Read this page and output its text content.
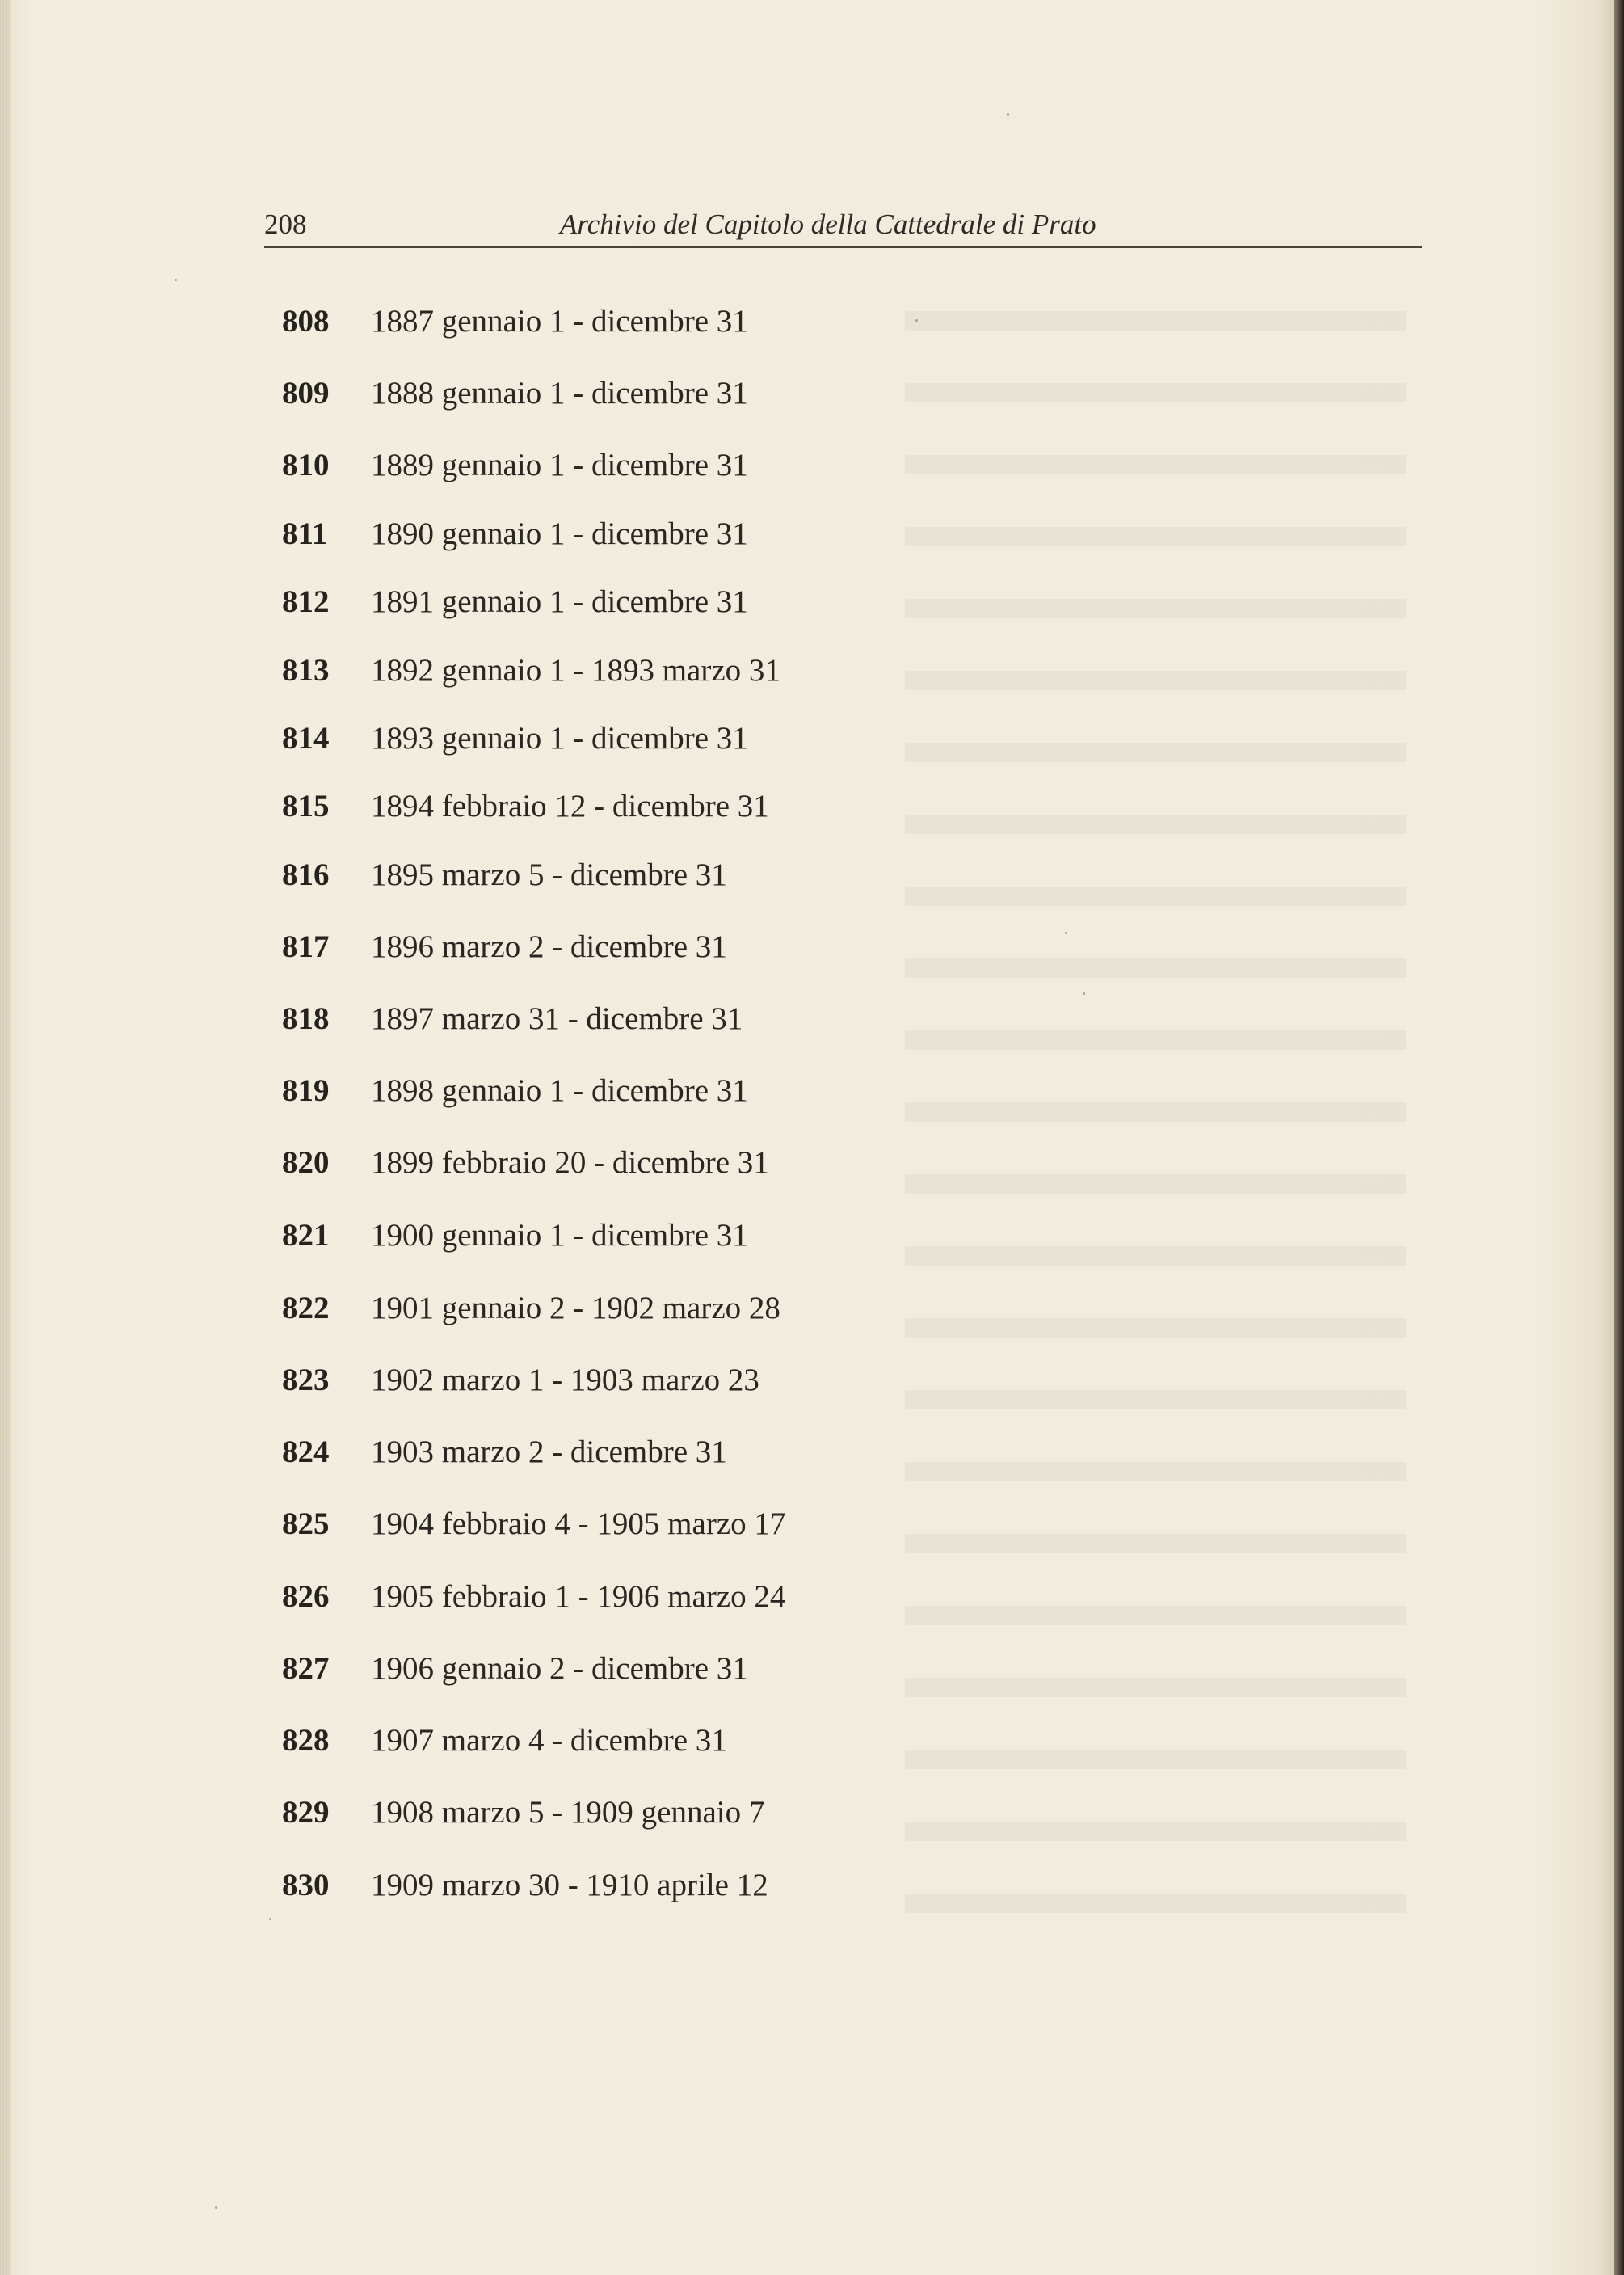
208	Archivio del Capitolo della Cattedrale di Prato
808	1887 gennaio 1 - dicembre 31
809	1888 gennaio 1 - dicembre 31
810	1889 gennaio 1 - dicembre 31
811	1890 gennaio 1 - dicembre 31
812	1891 gennaio 1 - dicembre 31
813	1892 gennaio 1 - 1893 marzo 31
814	1893 gennaio 1 - dicembre 31
815	1894 febbraio 12 - dicembre 31
816	1895 marzo 5 - dicembre 31
817	1896 marzo 2 - dicembre 31
818	1897 marzo 31 - dicembre 31
819	1898 gennaio 1 - dicembre 31
820	1899 febbraio 20 - dicembre 31
821	1900 gennaio 1 - dicembre 31
822	1901 gennaio 2 - 1902 marzo 28
823	1902 marzo 1 - 1903 marzo 23
824	1903 marzo 2 - dicembre 31
825	1904 febbraio 4 - 1905 marzo 17
826	1905 febbraio 1 - 1906 marzo 24
827	1906 gennaio 2 - dicembre 31
828	1907 marzo 4 - dicembre 31
829	1908 marzo 5 - 1909 gennaio 7
830	1909 marzo 30 - 1910 aprile 12
